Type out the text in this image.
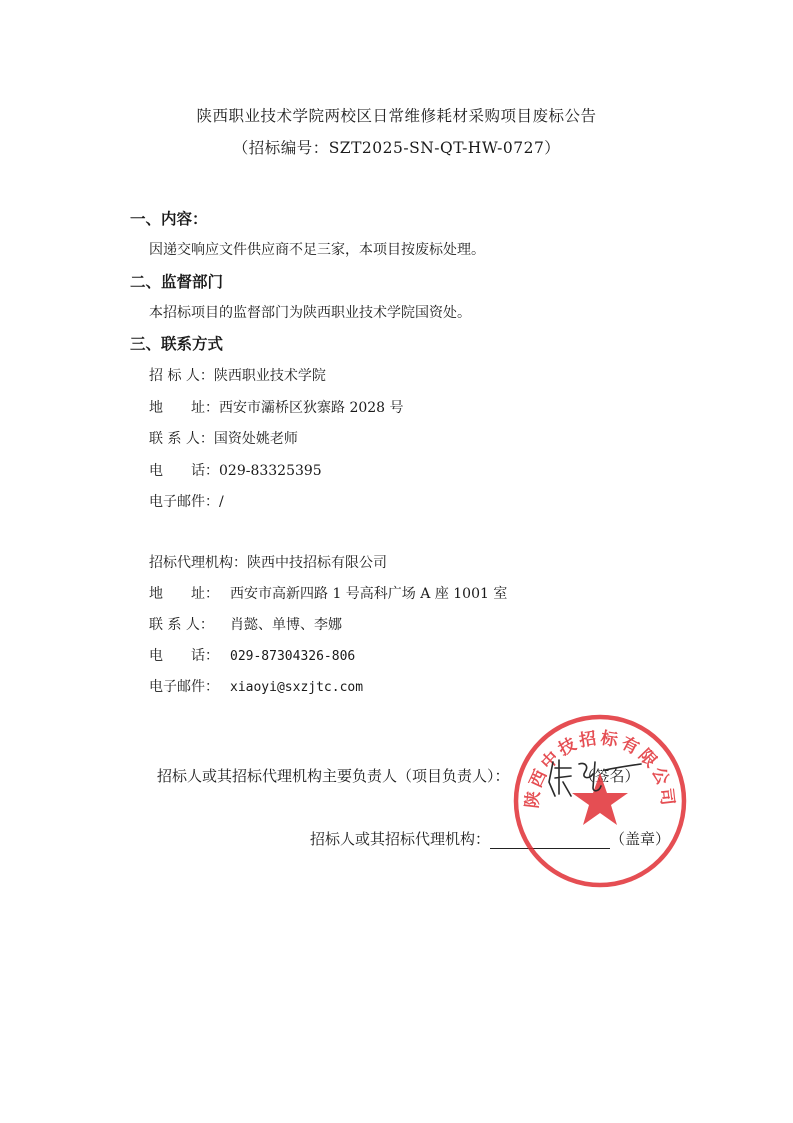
陕西职业技术学院两校区日常维修耗材采购项目废标公告
（招标编号：SZT2025-SN-QT-HW-0727）
一、内容：
因递交响应文件供应商不足三家，本项目按废标处理。
二、监督部门
本招标项目的监督部门为陕西职业技术学院国资处。
三、联系方式
招 标 人：陕西职业技术学院
地　　址：西安市灞桥区狄寨路 2028 号
联 系 人：国资处姚老师
电　　话：029-83325395
电子邮件：/
招标代理机构：陕西中技招标有限公司
地　　址： 西安市高新四路 1 号高科广场 A 座 1001 室
联 系 人： 肖懿、单博、李娜
电　　话： 029-87304326-806
电子邮件： xiaoyi@sxzjtc.com
招标人或其招标代理机构主要负责人（项目负责人）：	（签名）
招标人或其招标代理机构：	（盖章）
陕西中技招标有限公司
